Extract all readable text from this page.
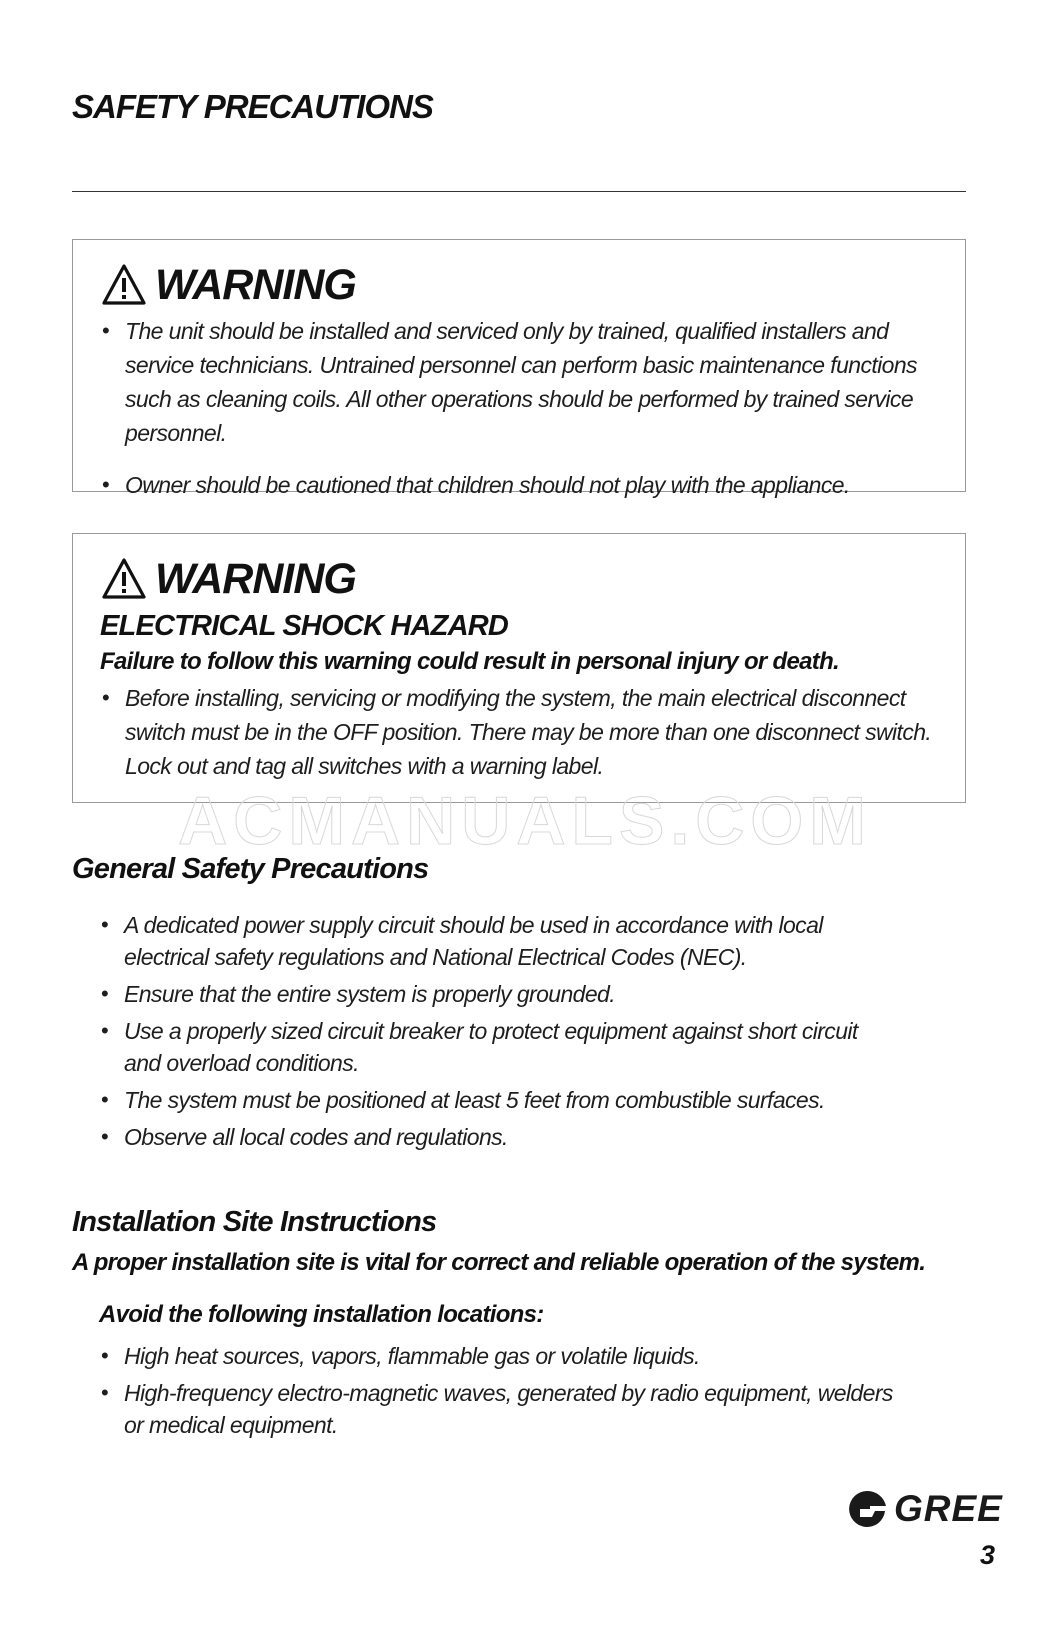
SAFETY PRECAUTIONS
WARNING
• The unit should be installed and serviced only by trained, qualified installers and service technicians. Untrained personnel can perform basic maintenance functions such as cleaning coils. All other operations should be performed by trained service personnel.
• Owner should be cautioned that children should not play with the appliance.
WARNING
ELECTRICAL SHOCK HAZARD

Failure to follow this warning could result in personal injury or death.

• Before installing, servicing or modifying the system, the main electrical disconnect switch must be in the OFF position. There may be more than one disconnect switch. Lock out and tag all switches with a warning label.
ACMANUALS.COM
General Safety Precautions
• A dedicated power supply circuit should be used in accordance with local electrical safety regulations and National Electrical Codes (NEC).
• Ensure that the entire system is properly grounded.
• Use a properly sized circuit breaker to protect equipment against short circuit and overload conditions.
• The system must be positioned at least 5 feet from combustible surfaces.
• Observe all local codes and regulations.
Installation Site Instructions

A proper installation site is vital for correct and reliable operation of the system.

Avoid the following installation locations:

• High heat sources, vapors, flammable gas or volatile liquids.
• High-frequency electro-magnetic waves, generated by radio equipment, welders or medical equipment.
GREE
3
